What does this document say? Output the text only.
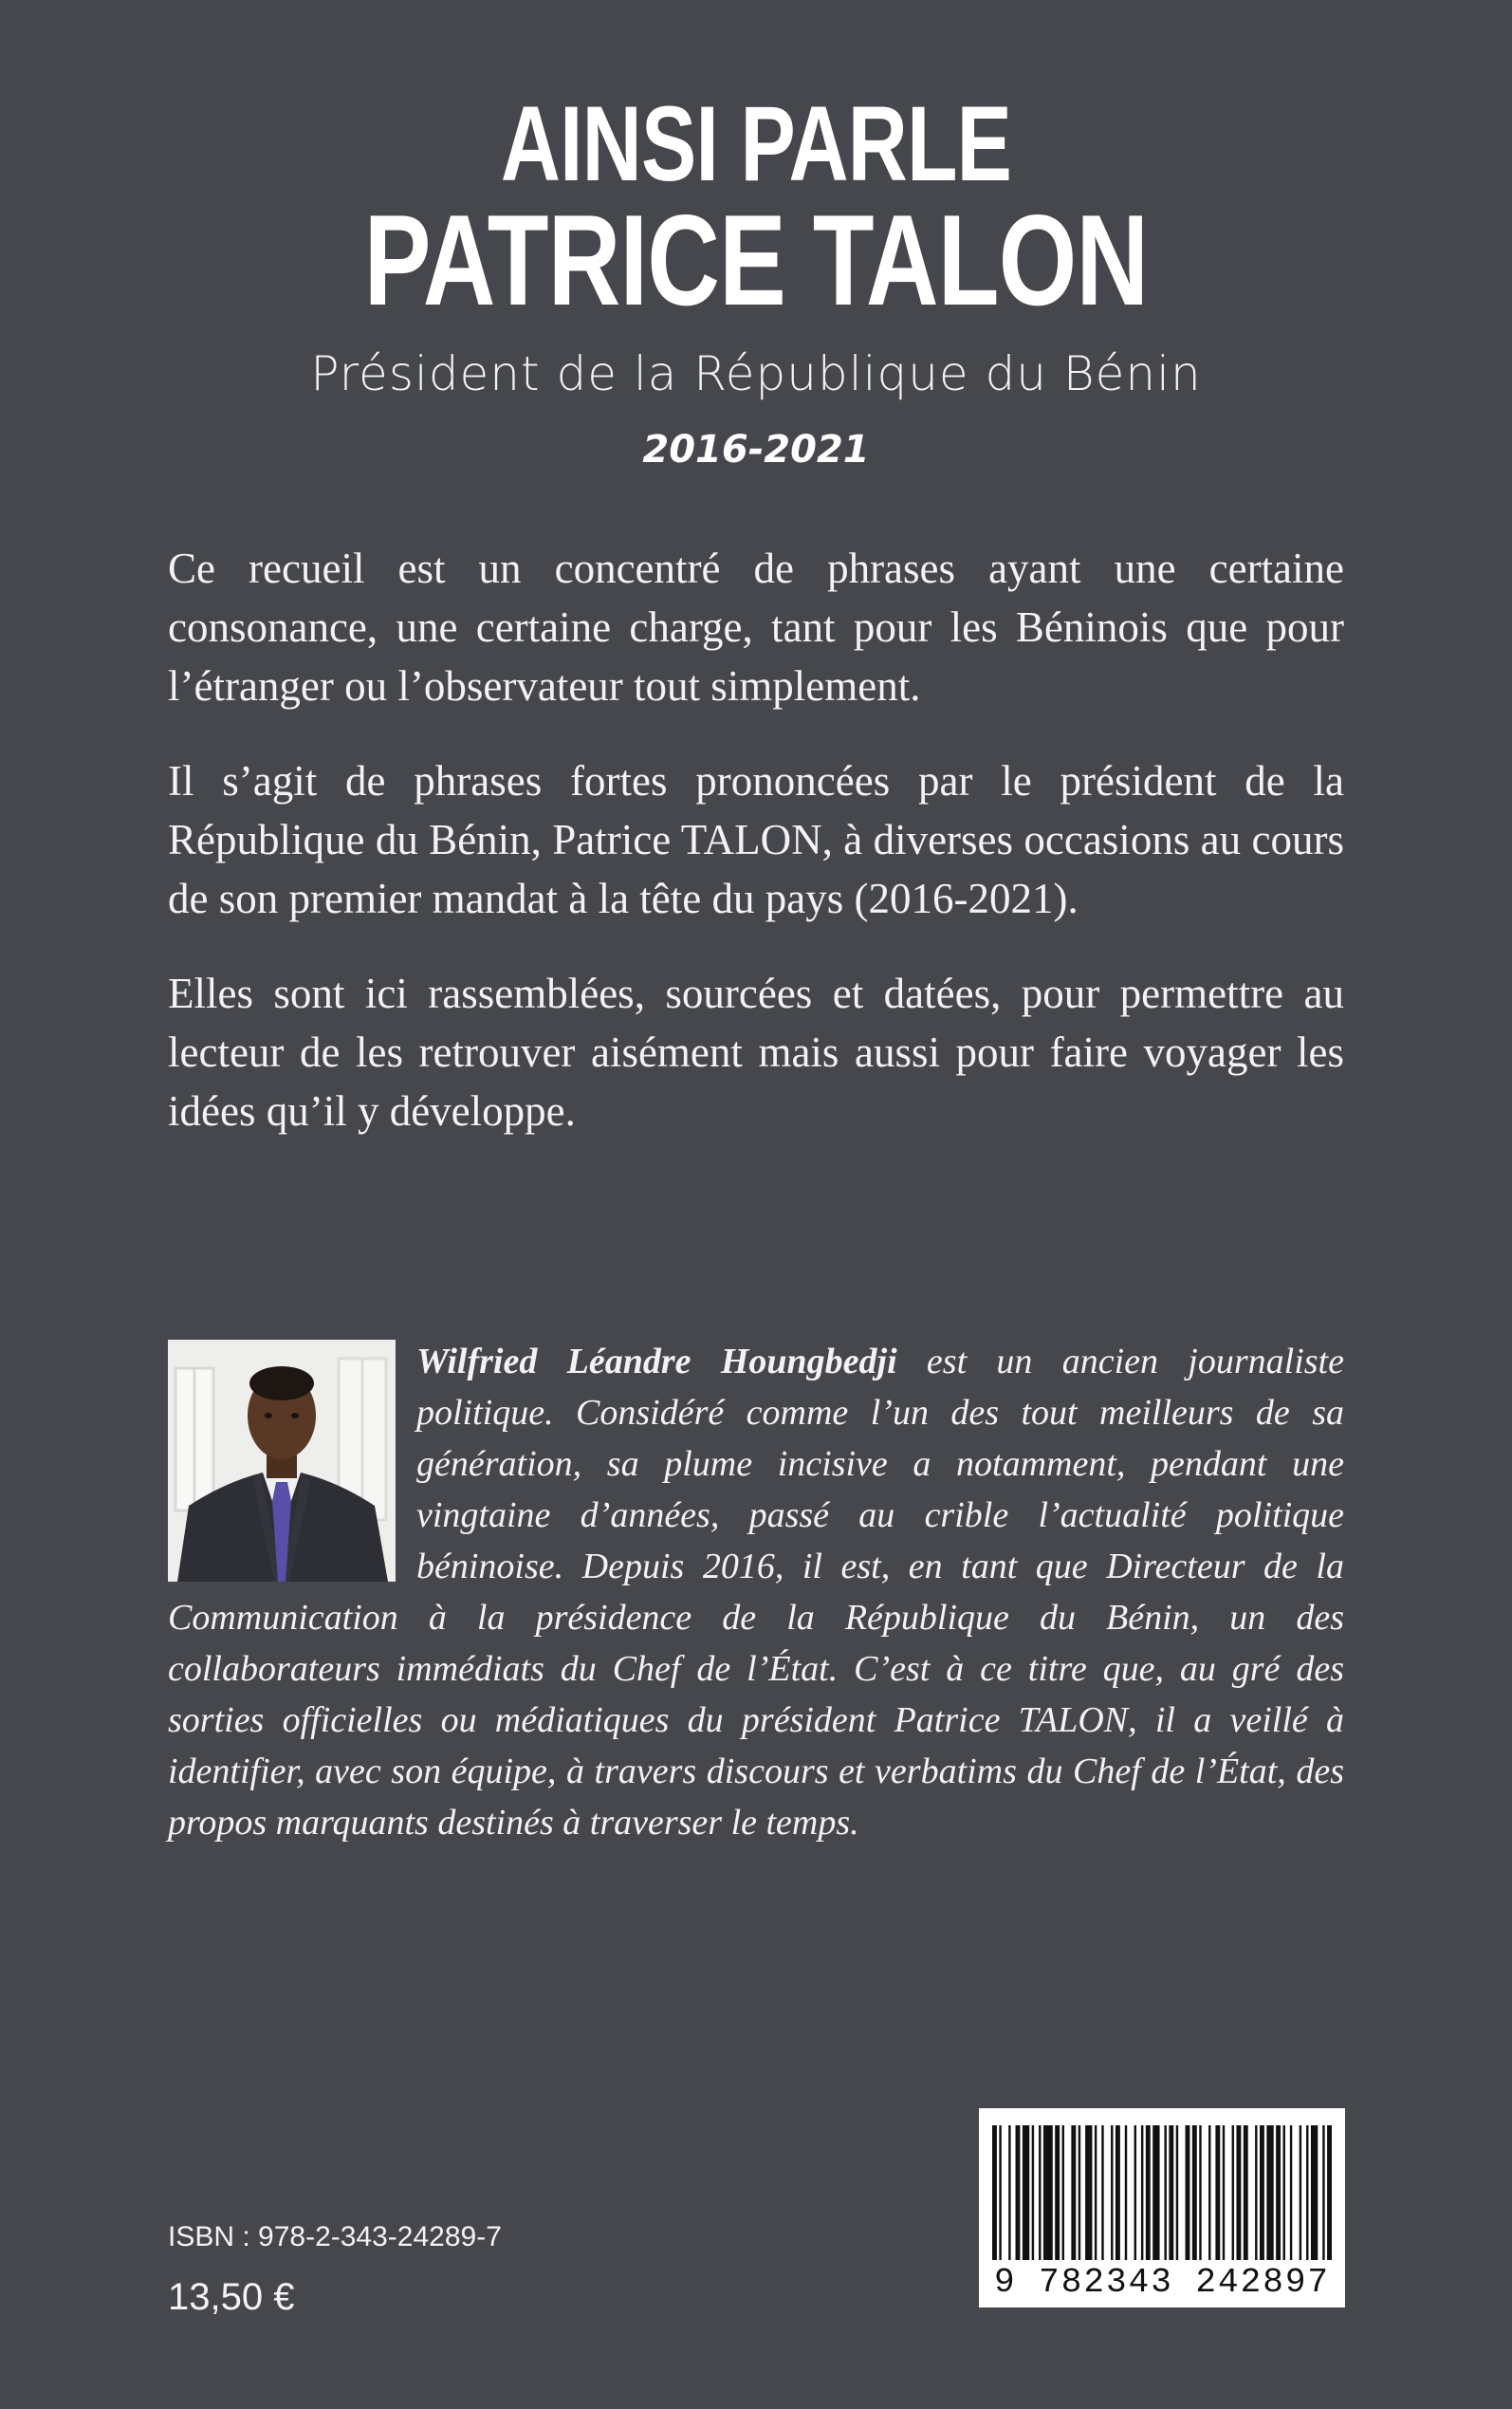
AINSI PARLE
PATRICE TALON
Président de la République du Bénin
2016-2021

Ce recueil est un concentré de phrases ayant une certaine consonance, une certaine charge, tant pour les Béninois que pour l’étranger ou l’observateur tout simplement.

Il s’agit de phrases fortes prononcées par le président de la République du Bénin, Patrice TALON, à diverses occasions au cours de son premier mandat à la tête du pays (2016-2021).

Elles sont ici rassemblées, sourcées et datées, pour permettre au lecteur de les retrouver aisément mais aussi pour faire voyager les idées qu’il y développe.

Wilfried Léandre Houngbedji est un ancien journaliste politique. Considéré comme l’un des tout meilleurs de sa génération, sa plume incisive a notamment, pendant une vingtaine d’années, passé au crible l’actualité politique béninoise. Depuis 2016, il est, en tant que Directeur de la Communication à la présidence de la République du Bénin, un des collaborateurs immédiats du Chef de l’État. C’est à ce titre que, au gré des sorties officielles ou médiatiques du président Patrice TALON, il a veillé à identifier, avec son équipe, à travers discours et verbatims du Chef de l’État, des propos marquants destinés à traverser le temps.

ISBN : 978-2-343-24289-7
13,50 €	9 782343 242897
